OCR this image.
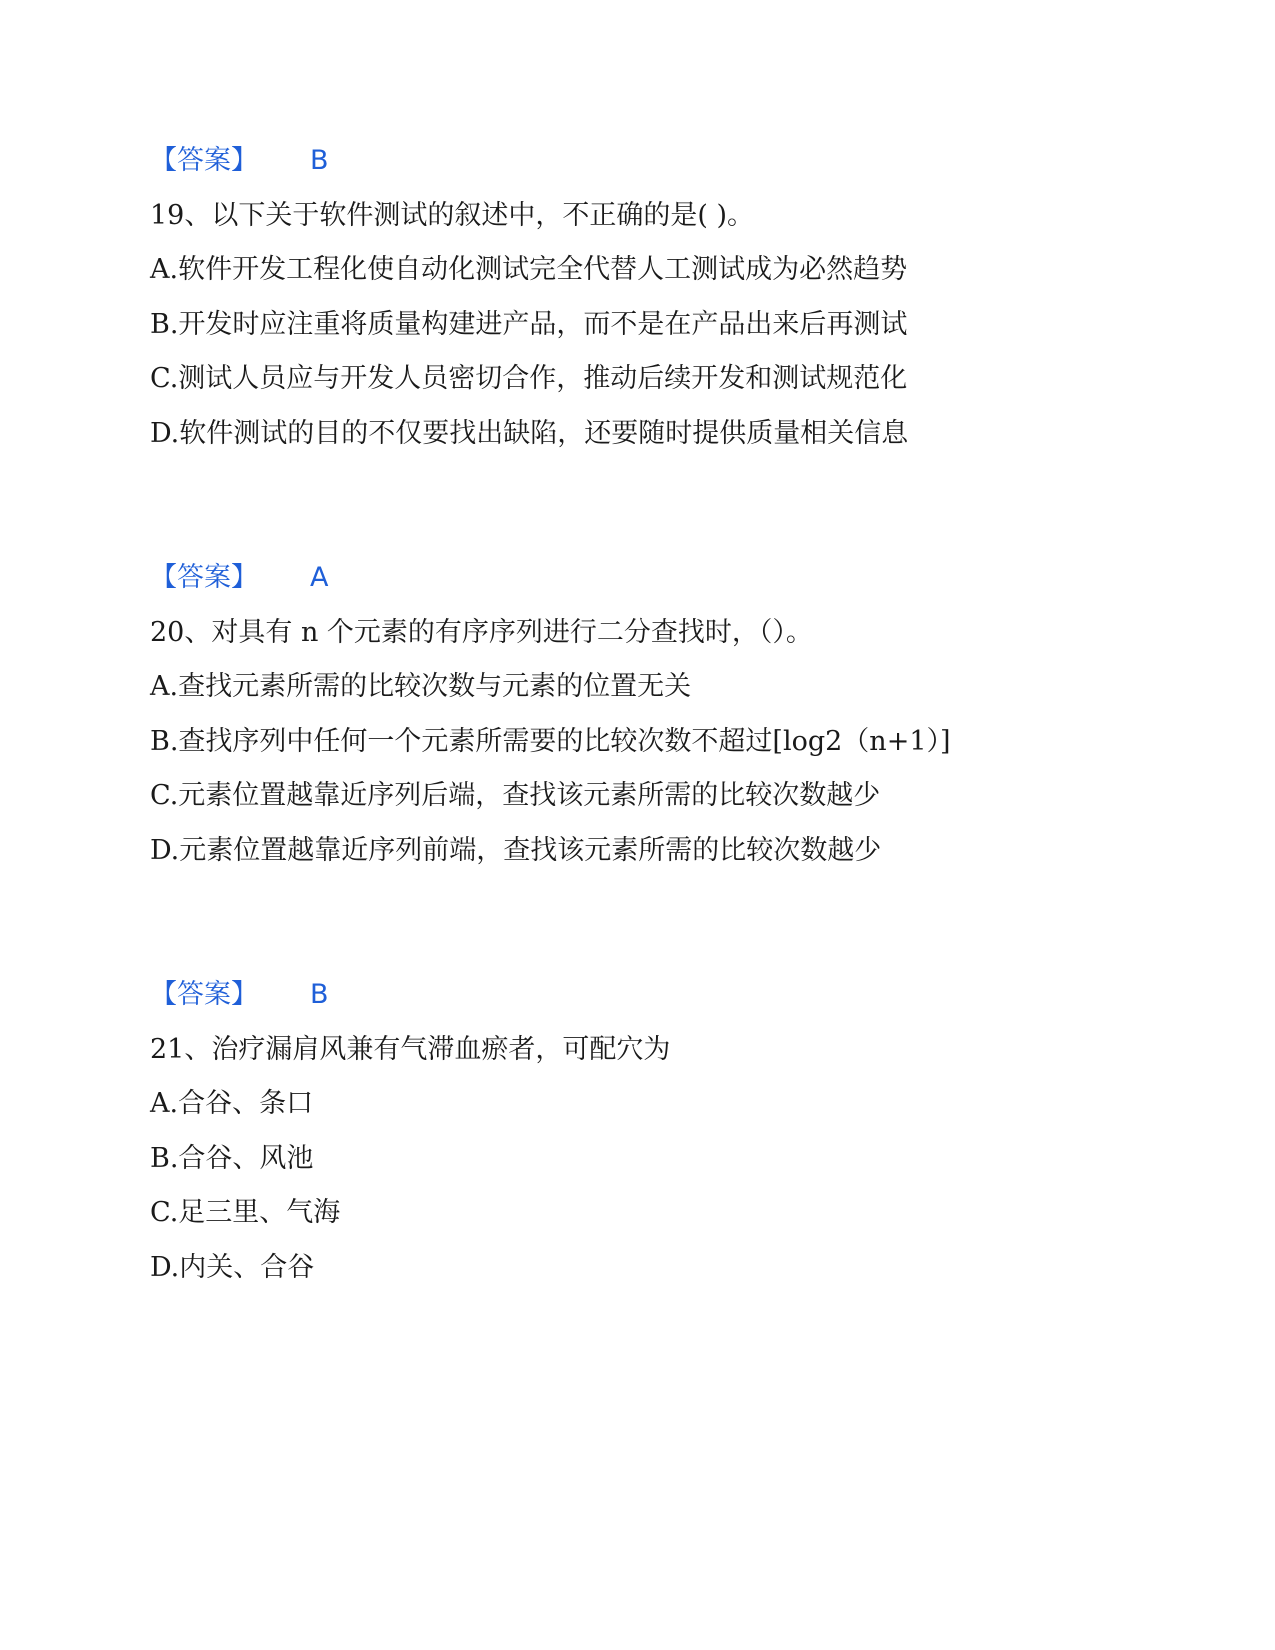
【答案】 B

19、以下关于软件测试的叙述中，不正确的是( )。

A.软件开发工程化使自动化测试完全代替人工测试成为必然趋势

B.开发时应注重将质量构建进产品，而不是在产品出来后再测试

C.测试人员应与开发人员密切合作，推动后续开发和测试规范化

D.软件测试的目的不仅要找出缺陷，还要随时提供质量相关信息

【答案】 A

20、对具有 n 个元素的有序序列进行二分查找时，（）。

A.查找元素所需的比较次数与元素的位置无关

B.查找序列中任何一个元素所需要的比较次数不超过[log2（n+1）]

C.元素位置越靠近序列后端，查找该元素所需的比较次数越少

D.元素位置越靠近序列前端，查找该元素所需的比较次数越少

【答案】 B

21、治疗漏肩风兼有气滞血瘀者，可配穴为

A.合谷、条口

B.合谷、风池

C.足三里、气海

D.内关、合谷
